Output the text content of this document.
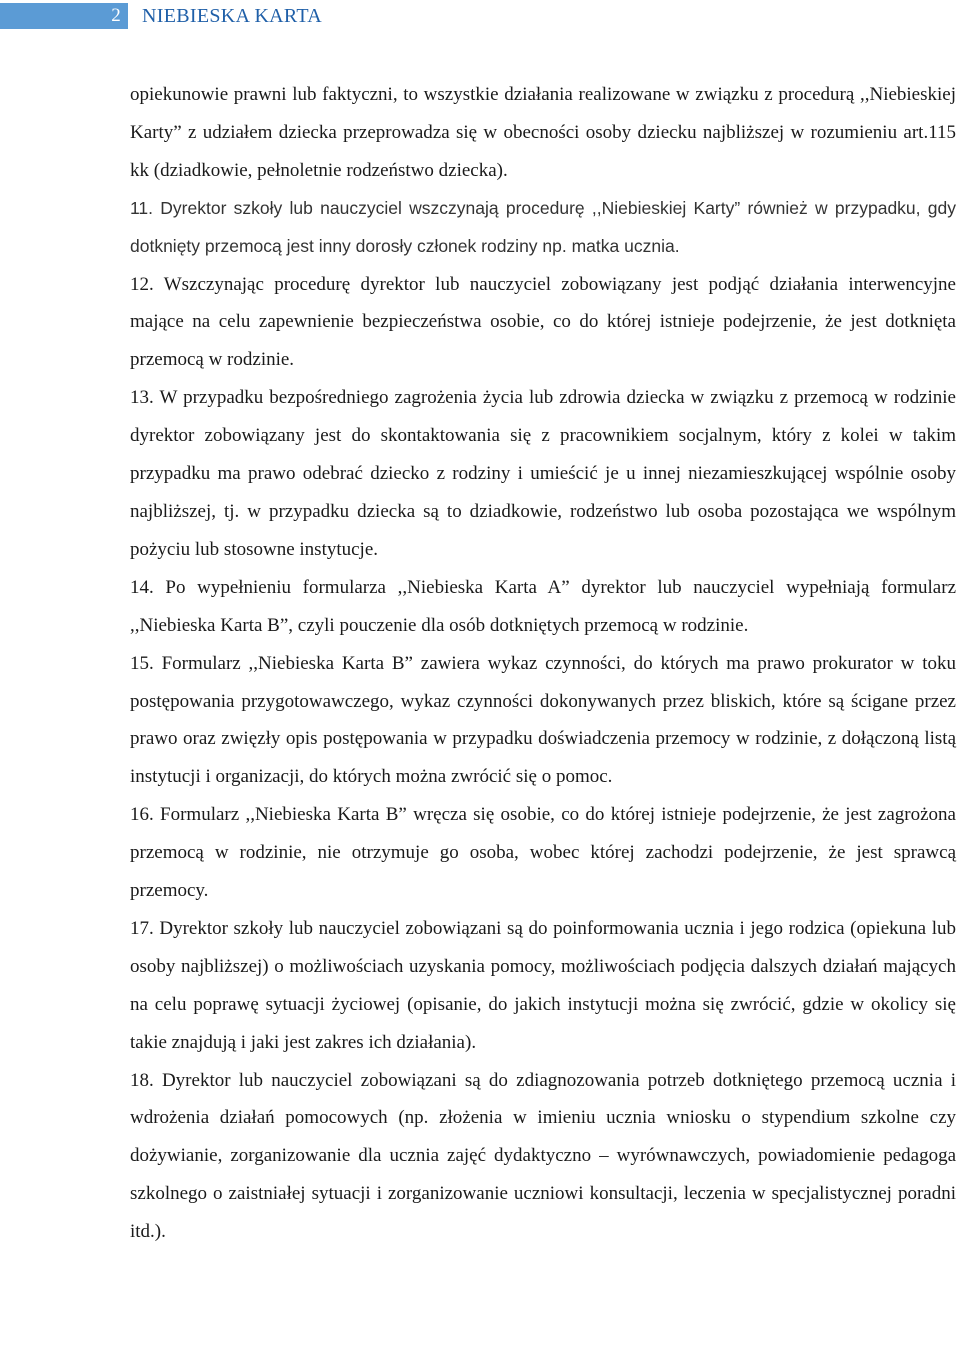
2	NIEBIESKA KARTA

opiekunowie prawni lub faktyczni, to wszystkie działania realizowane w związku z procedurą ,,Niebieskiej Karty” z udziałem dziecka przeprowadza się w obecności osoby dziecku najbliższej w rozumieniu art.115 kk (dziadkowie, pełnoletnie rodzeństwo dziecka).

11. Dyrektor szkoły lub nauczyciel wszczynają procedurę ,,Niebieskiej Karty” również w przypadku, gdy dotknięty przemocą jest inny dorosły członek rodziny np. matka ucznia.

12. Wszczynając procedurę dyrektor lub nauczyciel zobowiązany jest podjąć działania interwencyjne mające na celu zapewnienie bezpieczeństwa osobie, co do której istnieje podejrzenie, że jest dotknięta przemocą w rodzinie.

13. W przypadku bezpośredniego zagrożenia życia lub zdrowia dziecka w związku z przemocą w rodzinie dyrektor zobowiązany jest do skontaktowania się z pracownikiem socjalnym, który z kolei w takim przypadku ma prawo odebrać dziecko z rodziny i umieścić je u innej niezamieszkującej wspólnie osoby najbliższej, tj. w przypadku dziecka są to dziadkowie, rodzeństwo lub osoba pozostająca we wspólnym pożyciu lub stosowne instytucje.

14. Po wypełnieniu formularza ,,Niebieska Karta A” dyrektor lub nauczyciel wypełniają formularz ,,Niebieska Karta B”, czyli pouczenie dla osób dotkniętych przemocą w rodzinie.

15. Formularz ,,Niebieska Karta B” zawiera wykaz czynności, do których ma prawo prokurator w toku postępowania przygotowawczego, wykaz czynności dokonywanych przez bliskich, które są ścigane przez prawo oraz zwięzły opis postępowania w przypadku doświadczenia przemocy w rodzinie, z dołączoną listą instytucji i organizacji, do których można zwrócić się o pomoc.

16. Formularz ,,Niebieska Karta B” wręcza się osobie, co do której istnieje podejrzenie, że jest zagrożona przemocą w rodzinie, nie otrzymuje go osoba, wobec której zachodzi podejrzenie, że jest sprawcą przemocy.

17. Dyrektor szkoły lub nauczyciel zobowiązani są do poinformowania ucznia i jego rodzica (opiekuna lub osoby najbliższej) o możliwościach uzyskania pomocy, możliwościach podjęcia dalszych działań mających na celu poprawę sytuacji życiowej (opisanie, do jakich instytucji można się zwrócić, gdzie w okolicy się takie znajdują i jaki jest zakres ich działania).

18. Dyrektor lub nauczyciel zobowiązani są do zdiagnozowania potrzeb dotkniętego przemocą ucznia i wdrożenia działań pomocowych (np. złożenia w imieniu ucznia wniosku o stypendium szkolne czy dożywianie, zorganizowanie dla ucznia zajęć dydaktyczno – wyrównawczych, powiadomienie pedagoga szkolnego o zaistniałej sytuacji i zorganizowanie uczniowi konsultacji, leczenia w specjalistycznej poradni itd.).
